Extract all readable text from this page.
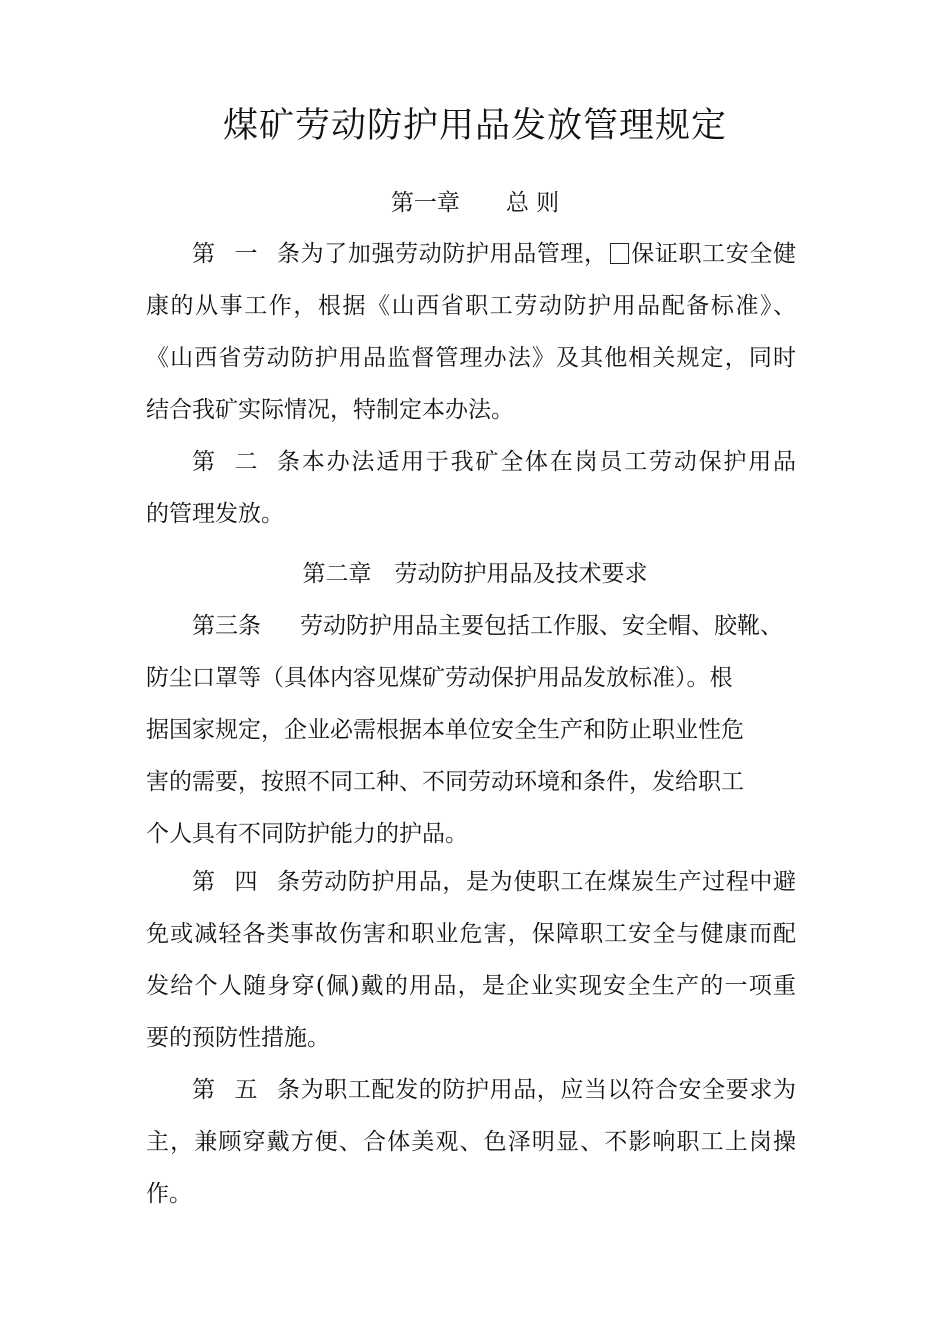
煤矿劳动防护用品发放管理规定
第一章 总 则
第一条为了加强劳动防护用品管理， 保证职工安全健
康的从事工作，根据《山西省职工劳动防护用品配备标准》、
《山西省劳动防护用品监督管理办法》及其他相关规定，同时
结合我矿实际情况，特制定本办法。
第二条本办法适用于我矿全体在岗员工劳动保护用品
的管理发放。
第二章 劳动防护用品及技术要求
第三条 劳动防护用品主要包括工作服、安全帽、胶靴、
防尘口罩等（具体内容见煤矿劳动保护用品发放标准）。根
据国家规定，企业必需根据本单位安全生产和防止职业性危
害的需要，按照不同工种、不同劳动环境和条件，发给职工
个人具有不同防护能力的护品。
第四条劳动防护用品，是为使职工在煤炭生产过程中避
免或减轻各类事故伤害和职业危害，保障职工安全与健康而配
发给个人随身穿(佩)戴的用品，是企业实现安全生产的一项重
要的预防性措施。
第五条为职工配发的防护用品，应当以符合安全要求为
主，兼顾穿戴方便、合体美观、色泽明显、不影响职工上岗操
作。
